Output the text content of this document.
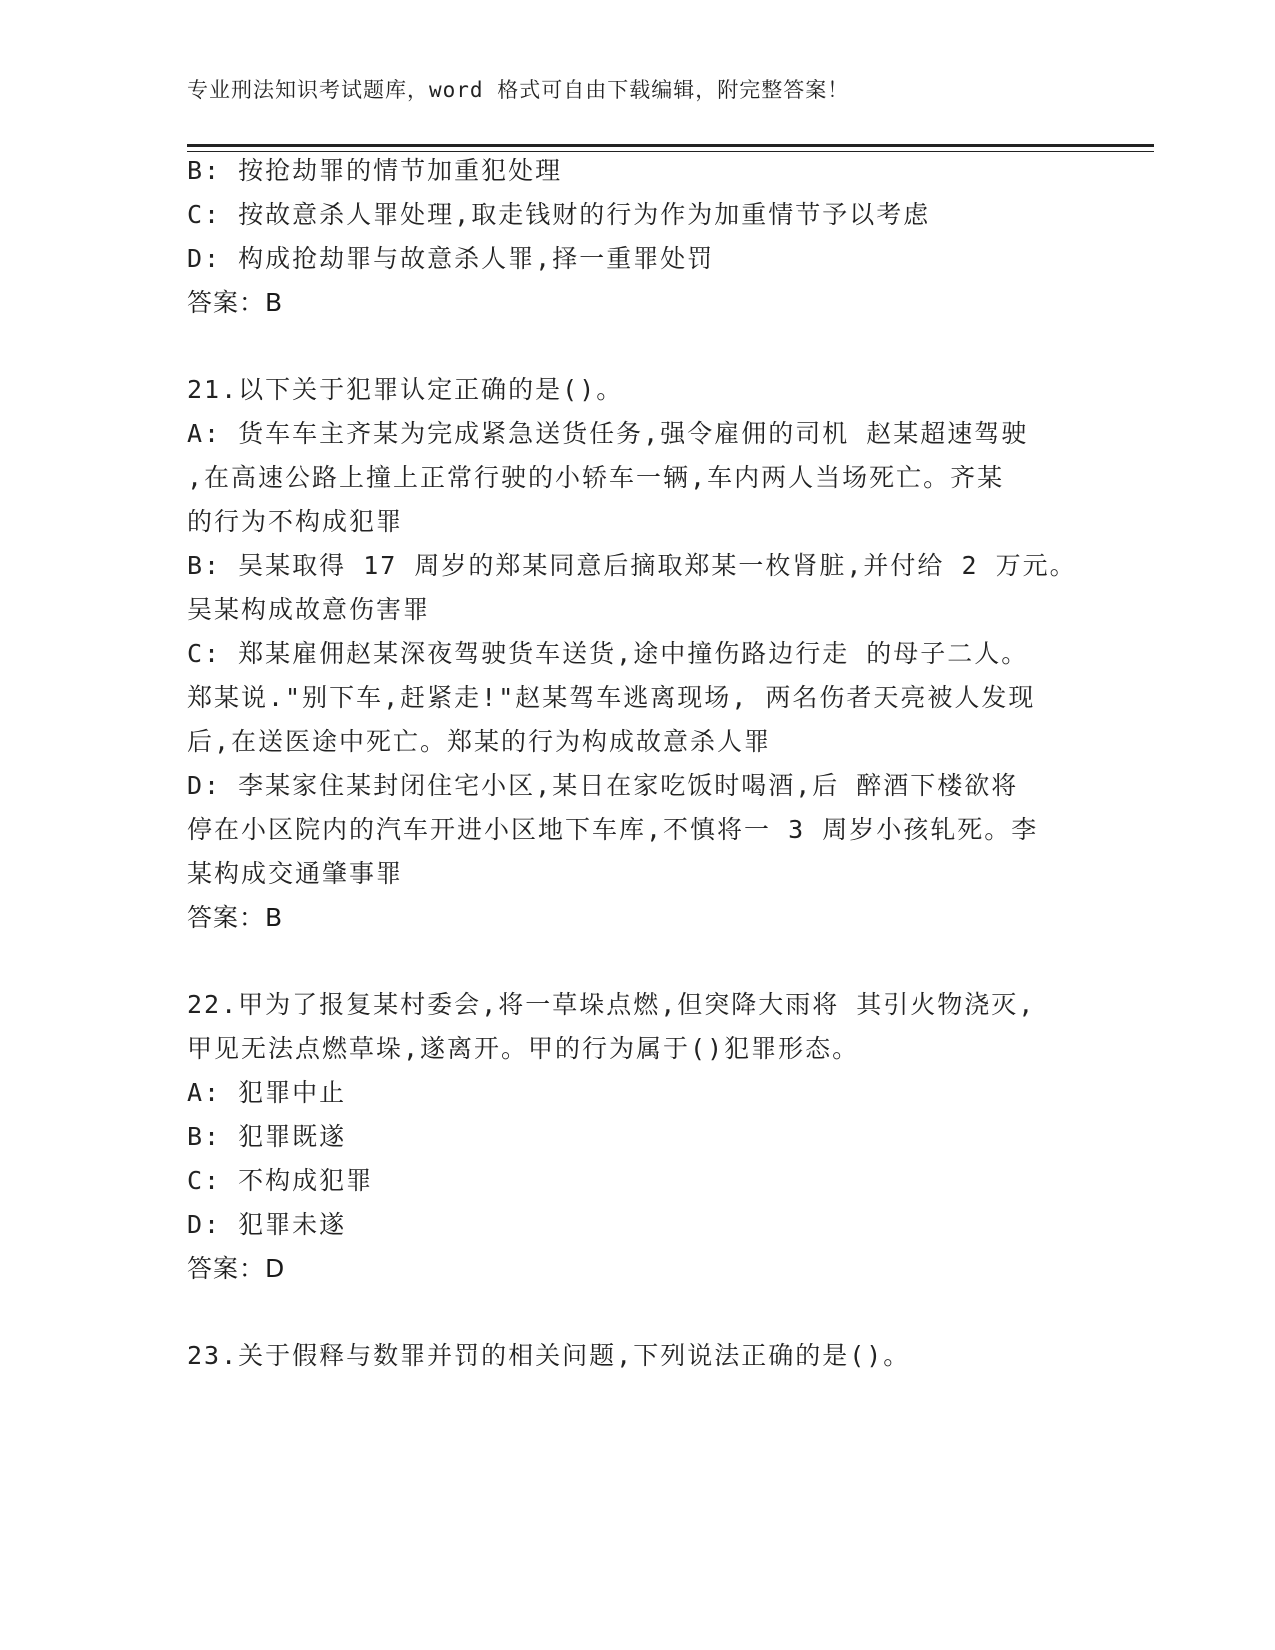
专业刑法知识考试题库，word 格式可自由下载编辑，附完整答案！
B: 按抢劫罪的情节加重犯处理
C: 按故意杀人罪处理,取走钱财的行为作为加重情节予以考虑
D: 构成抢劫罪与故意杀人罪,择一重罪处罚
答案：B
21.以下关于犯罪认定正确的是()。
A: 货车车主齐某为完成紧急送货任务,强令雇佣的司机 赵某超速驾驶
,在高速公路上撞上正常行驶的小轿车一辆,车内两人当场死亡。齐某
的行为不构成犯罪
B: 吴某取得 17 周岁的郑某同意后摘取郑某一枚肾脏,并付给 2 万元。
吴某构成故意伤害罪
C: 郑某雇佣赵某深夜驾驶货车送货,途中撞伤路边行走 的母子二人。
郑某说."别下车,赶紧走!"赵某驾车逃离现场, 两名伤者天亮被人发现
后,在送医途中死亡。郑某的行为构成故意杀人罪
D: 李某家住某封闭住宅小区,某日在家吃饭时喝酒,后 醉酒下楼欲将
停在小区院内的汽车开进小区地下车库,不慎将一 3 周岁小孩轧死。李
某构成交通肇事罪
答案：B
22.甲为了报复某村委会,将一草垛点燃,但突降大雨将 其引火物浇灭,
甲见无法点燃草垛,遂离开。甲的行为属于()犯罪形态。
A: 犯罪中止
B: 犯罪既遂
C: 不构成犯罪
D: 犯罪未遂
答案：D
23.关于假释与数罪并罚的相关问题,下列说法正确的是()。
